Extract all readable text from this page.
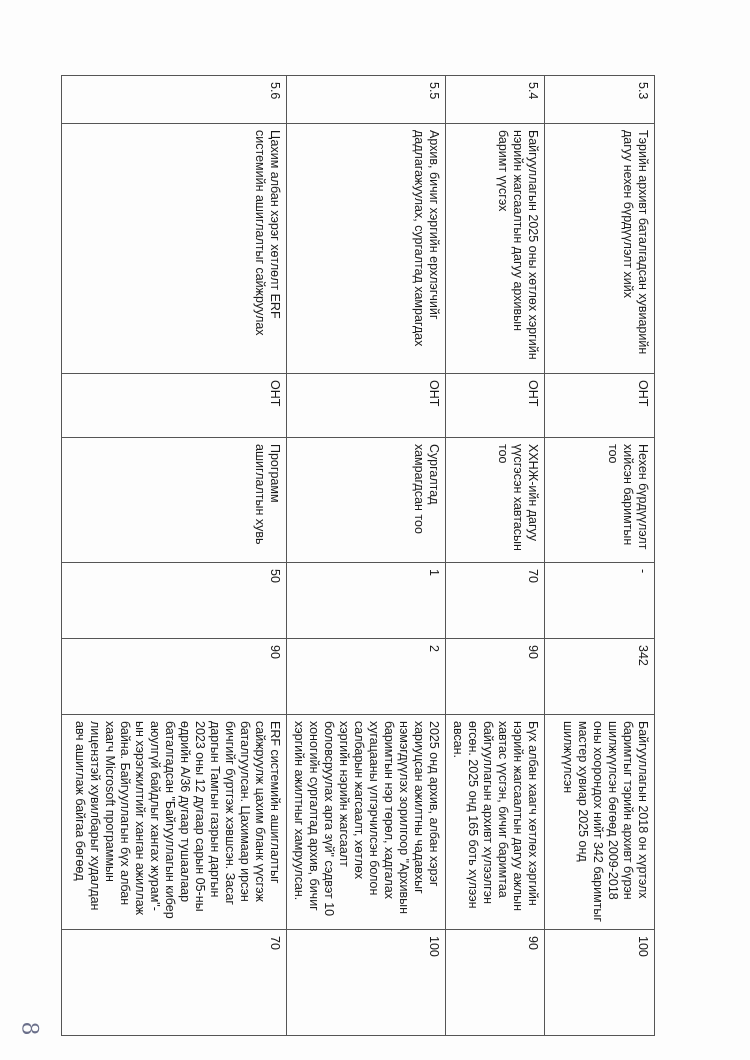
5.3	Тэрийн архивт баталгадсан хувиарийн дагуу нехен бүрдүүлэлт хийх	ОНТ	Нехен бүрдүүлэлт хийсэн баримтын тоо	-	342	Байгууллагын 2018 он хүртэлх баримтыг тэрийн архивт бүрэн шилжүүлсэн бөгөөд 2009-2018 оны хоорондох нийт 342 баримтыг мастер хувиар 2025 онд шилжүүлсэн	100
5.4	Байгууллагын 2025 оны хөтлөх хэргийн нэрийн жагсаалтын дагуу архивын баримт үүсгэх	ОНТ	ХХНЖ-ийн дагуу үүсгэсэн хавтасын тоо	70	90	Бүх албан хаагч хөтлөх хэргийн нэрийн жагсаалтын дагуу ажлын хавтас үүсгэн, бичиг баримтаа байгууллагын архивт хүлээлгэн өгсөн. 2025 онд 165 боть хүлээн авсан.	90
5.5	Архив, бичиг хэргийн ерхлэгчийг дадлагажуулах, сургалтад хамрагдах	ОНТ	Сургалтад хамрагдсан тоо	1	2	2025 онд архив, албан хэрэг хариуцсан ажилтны чадавхыг нэмэгдүүлэх зорилгоор "Архивын баримтын нэр төрөл, хадгалах хугацааны үлгэрчилсэн болон салбарын жагсаалт, хөтлөх хэргийн нэрийн жагсаалт боловсруулах арга зүй" сэдвэт 10 хоногийн сургалтад архив, бичиг хэргийн ажилтныг хамруулсан.	100
5.6	Цахим албан хэрэг хөтлөлт ERF системийн ашиглалтыг сайжруулах	ОНТ	Программ ашиглалтын хувь	50	90	ERF системийн ашиглалтыг сайжруулж цахим бланк үүсгэж баталгуулсан. Цахимаар ирсэн бичгийг бүртгэж хэвшсэн. Засаг даргын Тамгын газрын даргын 2023 оны 12 дугаар сарын 05-ны өдрийн А/36 дугаар тушаалаар баталгадсан "Байгууллагын кибер аюулгүй байдлыг хангах журам"-ын хэрэгжилтийг ханган ажиллаж байна. Байгууллагын бүх албан хаагч Microsoft программын лицензтэй хувилбарыг худалдан авч ашиглаж байгаа бөгөөд	70
8
